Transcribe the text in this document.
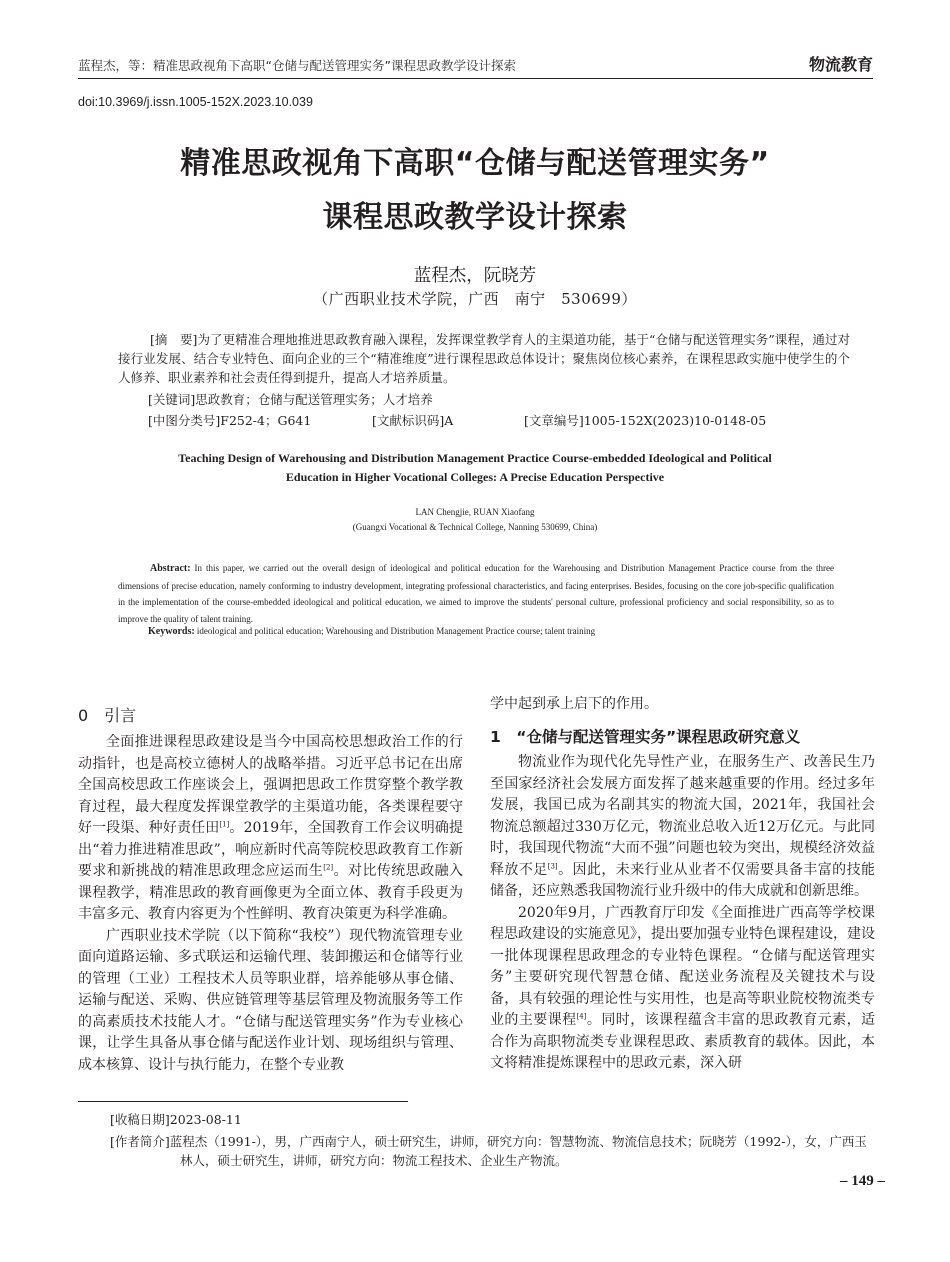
蓝程杰，等：精准思政视角下高职“仓储与配送管理实务”课程思政教学设计探索	物流教育
doi:10.3969/j.issn.1005-152X.2023.10.039
精准思政视角下高职“仓储与配送管理实务”
课程思政教学设计探索
蓝程杰，阮晓芳
（广西职业技术学院，广西　南宁　530699）
[摘　要]为了更精准合理地推进思政教育融入课程，发挥课堂教学育人的主渠道功能，基于“仓储与配送管理实务”课程，通过对接行业发展、结合专业特色、面向企业的三个“精准维度”进行课程思政总体设计；聚焦岗位核心素养，在课程思政实施中使学生的个人修养、职业素养和社会责任得到提升，提高人才培养质量。
[关键词]思政教育；仓储与配送管理实务；人才培养
[中图分类号]F252-4；G641	[文献标识码]A	[文章编号]1005-152X(2023)10-0148-05
Teaching Design of Warehousing and Distribution Management Practice Course-embedded Ideological and Political
Education in Higher Vocational Colleges: A Precise Education Perspective
LAN Chengjie, RUAN Xiaofang
(Guangxi Vocational & Technical College, Nanning 530699, China)
Abstract: In this paper, we carried out the overall design of ideological and political education for the Warehousing and Distribution Management Practice course from the three dimensions of precise education, namely conforming to industry development, integrating professional characteristics, and facing enterprises. Besides, focusing on the core job-specific qualification in the implementation of the course-embedded ideological and political education, we aimed to improve the students' personal culture, professional proficiency and social responsibility, so as to improve the quality of talent training.
Keywords: ideological and political education; Warehousing and Distribution Management Practice course; talent training
0　引言

全面推进课程思政建设是当今中国高校思想政治工作的行动指针，也是高校立德树人的战略举措。习近平总书记在出席全国高校思政工作座谈会上，强调把思政工作贯穿整个教学教育过程，最大程度发挥课堂教学的主渠道功能，各类课程要守好一段渠、种好责任田[1]。2019年，全国教育工作会议明确提出“着力推进精准思政”，响应新时代高等院校思政教育工作新要求和新挑战的精准思政理念应运而生[2]。对比传统思政融入课程教学，精准思政的教育画像更为全面立体、教育手段更为丰富多元、教育内容更为个性鲜明、教育决策更为科学准确。

广西职业技术学院（以下简称“我校”）现代物流管理专业面向道路运输、多式联运和运输代理、装卸搬运和仓储等行业的管理（工业）工程技术人员等职业群，培养能够从事仓储、运输与配送、采购、供应链管理等基层管理及物流服务等工作的高素质技术技能人才。“仓储与配送管理实务”作为专业核心课，让学生具备从事仓储与配送作业计划、现场组织与管理、成本核算、设计与执行能力，在整个专业教

学中起到承上启下的作用。
1　“仓储与配送管理实务”课程思政研究意义

物流业作为现代化先导性产业，在服务生产、改善民生乃至国家经济社会发展方面发挥了越来越重要的作用。经过多年发展，我国已成为名副其实的物流大国，2021年，我国社会物流总额超过330万亿元，物流业总收入近12万亿元。与此同时，我国现代物流“大而不强”问题也较为突出，规模经济效益释放不足[3]。因此，未来行业从业者不仅需要具备丰富的技能储备，还应熟悉我国物流行业升级中的伟大成就和创新思维。

2020年9月，广西教育厅印发《全面推进广西高等学校课程思政建设的实施意见》，提出要加强专业特色课程建设，建设一批体现课程思政理念的专业特色课程。“仓储与配送管理实务”主要研究现代智慧仓储、配送业务流程及关键技术与设备，具有较强的理论性与实用性，也是高等职业院校物流类专业的主要课程[4]。同时，该课程蕴含丰富的思政教育元素，适合作为高职物流类专业课程思政、素质教育的载体。因此，本文将精准提炼课程中的思政元素，深入研

[收稿日期]2023-08-11
[作者简介]蓝程杰（1991-），男，广西南宁人，硕士研究生，讲师，研究方向：智慧物流、物流信息技术；阮晓芳（1992-），女，广西玉
林人，硕士研究生，讲师，研究方向：物流工程技术、企业生产物流。
– 149 –
